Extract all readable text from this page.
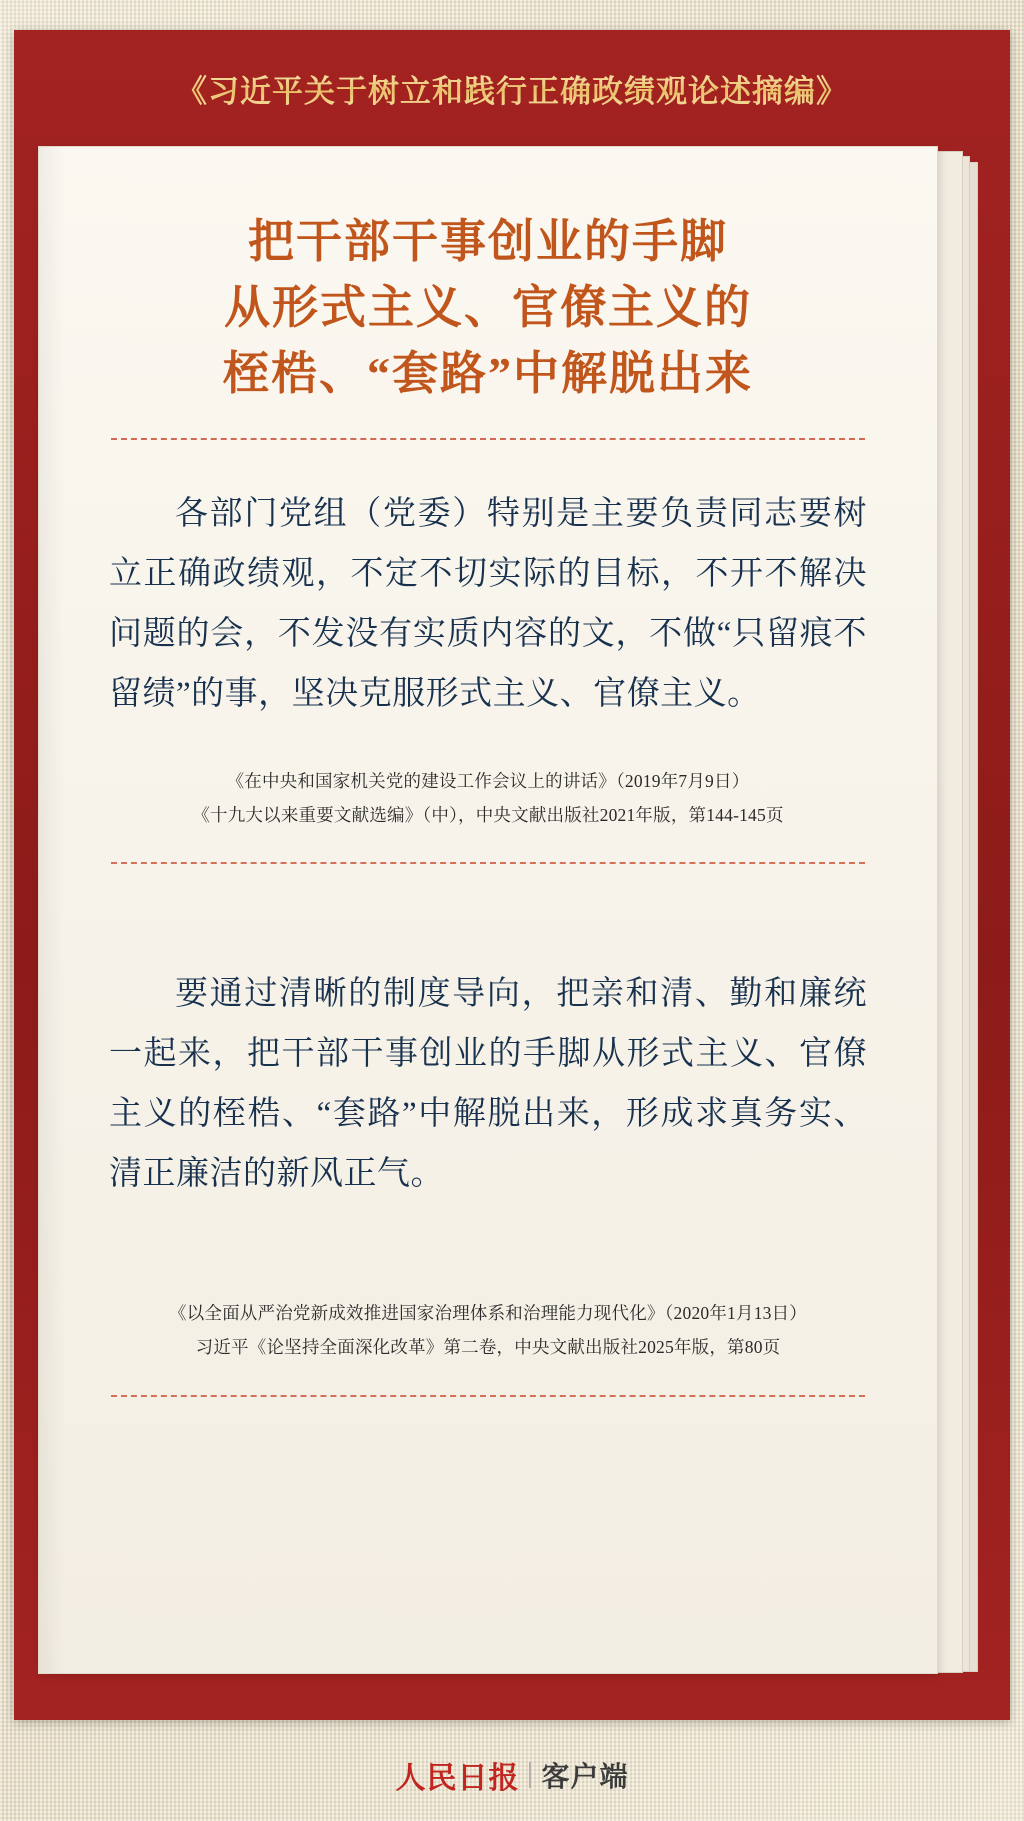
《习近平关于树立和践行正确政绩观论述摘编》
把干部干事创业的手脚
从形式主义、官僚主义的
桎梏、“套路”中解脱出来
各部门党组（党委）特别是主要负责同志要树立正确政绩观，不定不切实际的目标，不开不解决问题的会，不发没有实质内容的文，不做“只留痕不留绩”的事，坚决克服形式主义、官僚主义。
《在中央和国家机关党的建设工作会议上的讲话》（2019年7月9日）
《十九大以来重要文献选编》（中），中央文献出版社2021年版，第144-145页
要通过清晰的制度导向，把亲和清、勤和廉统一起来，把干部干事创业的手脚从形式主义、官僚主义的桎梏、“套路”中解脱出来，形成求真务实、清正廉洁的新风正气。
《以全面从严治党新成效推进国家治理体系和治理能力现代化》（2020年1月13日）
习近平《论坚持全面深化改革》第二卷，中央文献出版社2025年版，第80页
人民日报 客户端
